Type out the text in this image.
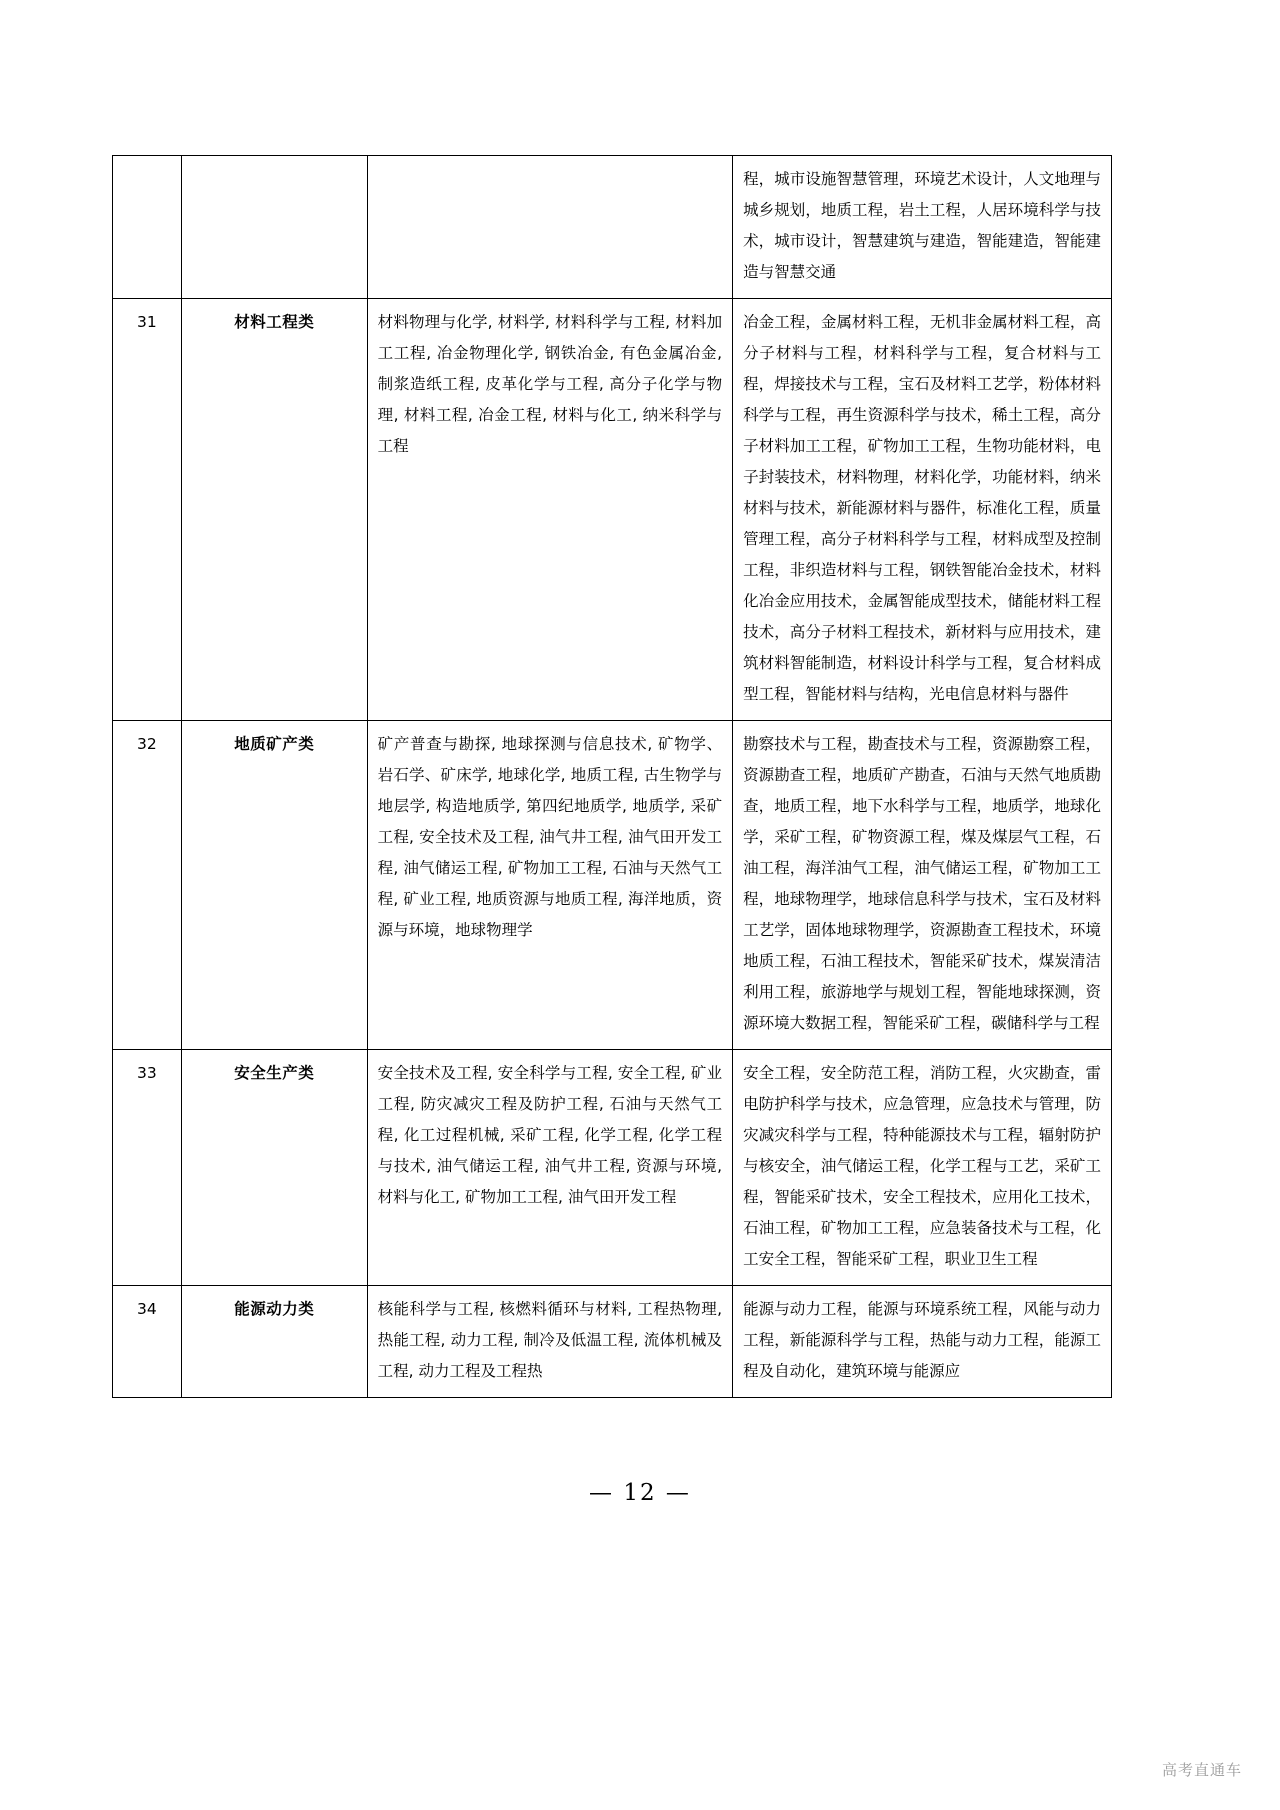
			程，城市设施智慧管理，环境艺术设计，人文地理与城乡规划，地质工程，岩土工程，人居环境科学与技术，城市设计，智慧建筑与建造，智能建造，智能建造与智慧交通

31	材料工程类	材料物理与化学, 材料学, 材料科学与工程, 材料加工工程, 冶金物理化学, 钢铁冶金, 有色金属冶金, 制浆造纸工程, 皮革化学与工程, 高分子化学与物理, 材料工程, 冶金工程, 材料与化工, 纳米科学与工程	冶金工程，金属材料工程，无机非金属材料工程，高分子材料与工程，材料科学与工程，复合材料与工程，焊接技术与工程，宝石及材料工艺学，粉体材料科学与工程，再生资源科学与技术，稀土工程，高分子材料加工工程，矿物加工工程，生物功能材料，电子封装技术，材料物理，材料化学，功能材料，纳米材料与技术，新能源材料与器件，标准化工程，质量管理工程，高分子材料科学与工程，材料成型及控制工程，非织造材料与工程，钢铁智能冶金技术，材料化冶金应用技术，金属智能成型技术，储能材料工程技术，高分子材料工程技术，新材料与应用技术，建筑材料智能制造，材料设计科学与工程，复合材料成型工程，智能材料与结构，光电信息材料与器件

32	地质矿产类	矿产普查与勘探, 地球探测与信息技术, 矿物学、岩石学、矿床学, 地球化学, 地质工程, 古生物学与地层学, 构造地质学, 第四纪地质学, 地质学, 采矿工程, 安全技术及工程, 油气井工程, 油气田开发工程, 油气储运工程, 矿物加工工程, 石油与天然气工程, 矿业工程, 地质资源与地质工程, 海洋地质，资源与环境，地球物理学	勘察技术与工程，勘查技术与工程，资源勘察工程，资源勘查工程，地质矿产勘查，石油与天然气地质勘查，地质工程，地下水科学与工程，地质学，地球化学，采矿工程，矿物资源工程，煤及煤层气工程，石油工程，海洋油气工程，油气储运工程，矿物加工工程，地球物理学，地球信息科学与技术，宝石及材料工艺学，固体地球物理学，资源勘查工程技术，环境地质工程，石油工程技术，智能采矿技术，煤炭清洁利用工程，旅游地学与规划工程，智能地球探测，资源环境大数据工程，智能采矿工程，碳储科学与工程

33	安全生产类	安全技术及工程, 安全科学与工程, 安全工程, 矿业工程, 防灾减灾工程及防护工程, 石油与天然气工程, 化工过程机械, 采矿工程, 化学工程, 化学工程与技术, 油气储运工程, 油气井工程, 资源与环境, 材料与化工, 矿物加工工程, 油气田开发工程	安全工程，安全防范工程，消防工程，火灾勘查，雷电防护科学与技术，应急管理，应急技术与管理，防灾减灾科学与工程，特种能源技术与工程，辐射防护与核安全，油气储运工程，化学工程与工艺，采矿工程，智能采矿技术，安全工程技术，应用化工技术，石油工程，矿物加工工程，应急装备技术与工程，化工安全工程，智能采矿工程，职业卫生工程

34	能源动力类	核能科学与工程, 核燃料循环与材料, 工程热物理, 热能工程, 动力工程, 制冷及低温工程, 流体机械及工程, 动力工程及工程热	能源与动力工程，能源与环境系统工程，风能与动力工程，新能源科学与工程，热能与动力工程，能源工程及自动化，建筑环境与能源应
— 12 —
高考直通车
